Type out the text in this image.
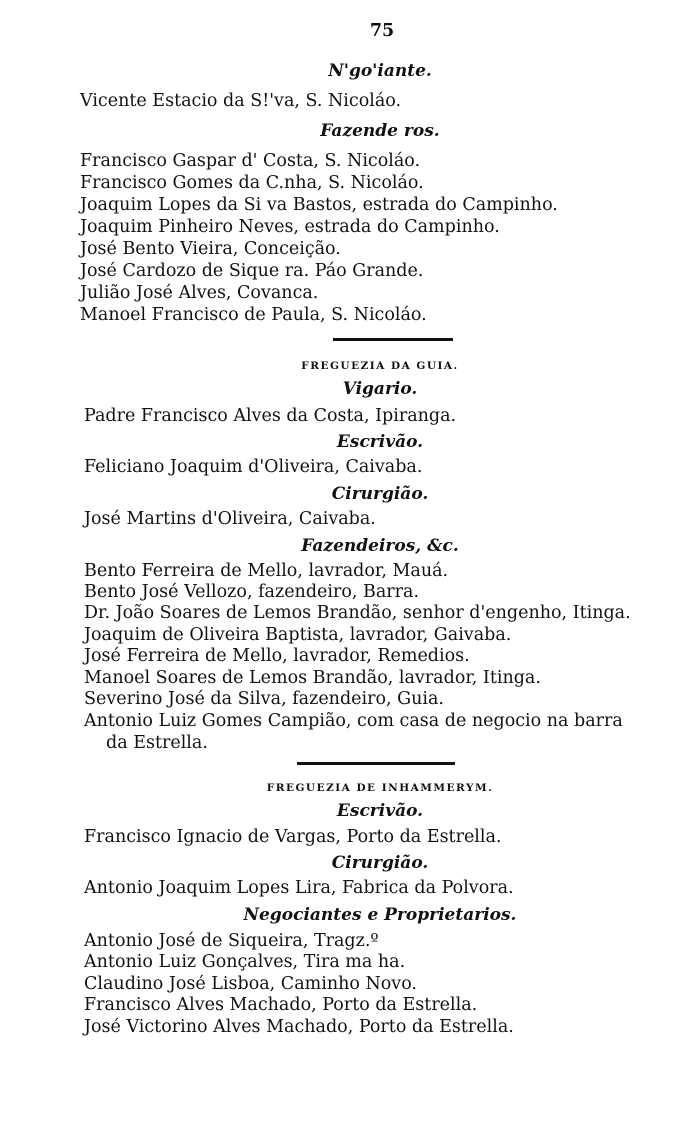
75
N'go'iante.
Vicente Estacio da S!'va, S. Nicoláo.
Fazende ros.
Francisco Gaspar d' Costa, S. Nicoláo.
Francisco Gomes da C.nha, S. Nicoláo.
Joaquim Lopes da Si va Bastos, estrada do Campinho.
Joaquim Pinheiro Neves, estrada do Campinho.
José Bento Vieira, Conceição.
José Cardozo de Sique ra. Páo Grande.
Julião José Alves, Covanca.
Manoel Francisco de Paula, S. Nicoláo.
FREGUEZIA DA GUIA.
Vigario.
Padre Francisco Alves da Costa, Ipiranga.
Escrivão.
Feliciano Joaquim d'Oliveira, Caivaba.
Cirurgião.
José Martins d'Oliveira, Caivaba.
Fazendeiros, &c.
Bento Ferreira de Mello, lavrador, Mauá.
Bento José Vellozo, fazendeiro, Barra.
Dr. João Soares de Lemos Brandão, senhor d'engenho, Itinga.
Joaquim de Oliveira Baptista, lavrador, Gaivaba.
José Ferreira de Mello, lavrador, Remedios.
Manoel Soares de Lemos Brandão, lavrador, Itinga.
Severino José da Silva, fazendeiro, Guia.
Antonio Luiz Gomes Campião, com casa de negocio na barra
da Estrella.
FREGUEZIA DE INHAMMERYM.
Escrivão.
Francisco Ignacio de Vargas, Porto da Estrella.
Cirurgião.
Antonio Joaquim Lopes Lira, Fabrica da Polvora.
Negociantes e Proprietarios.
Antonio José de Siqueira, Tragz.º
Antonio Luiz Gonçalves, Tira ma ha.
Claudino José Lisboa, Caminho Novo.
Francisco Alves Machado, Porto da Estrella.
José Victorino Alves Machado, Porto da Estrella.
